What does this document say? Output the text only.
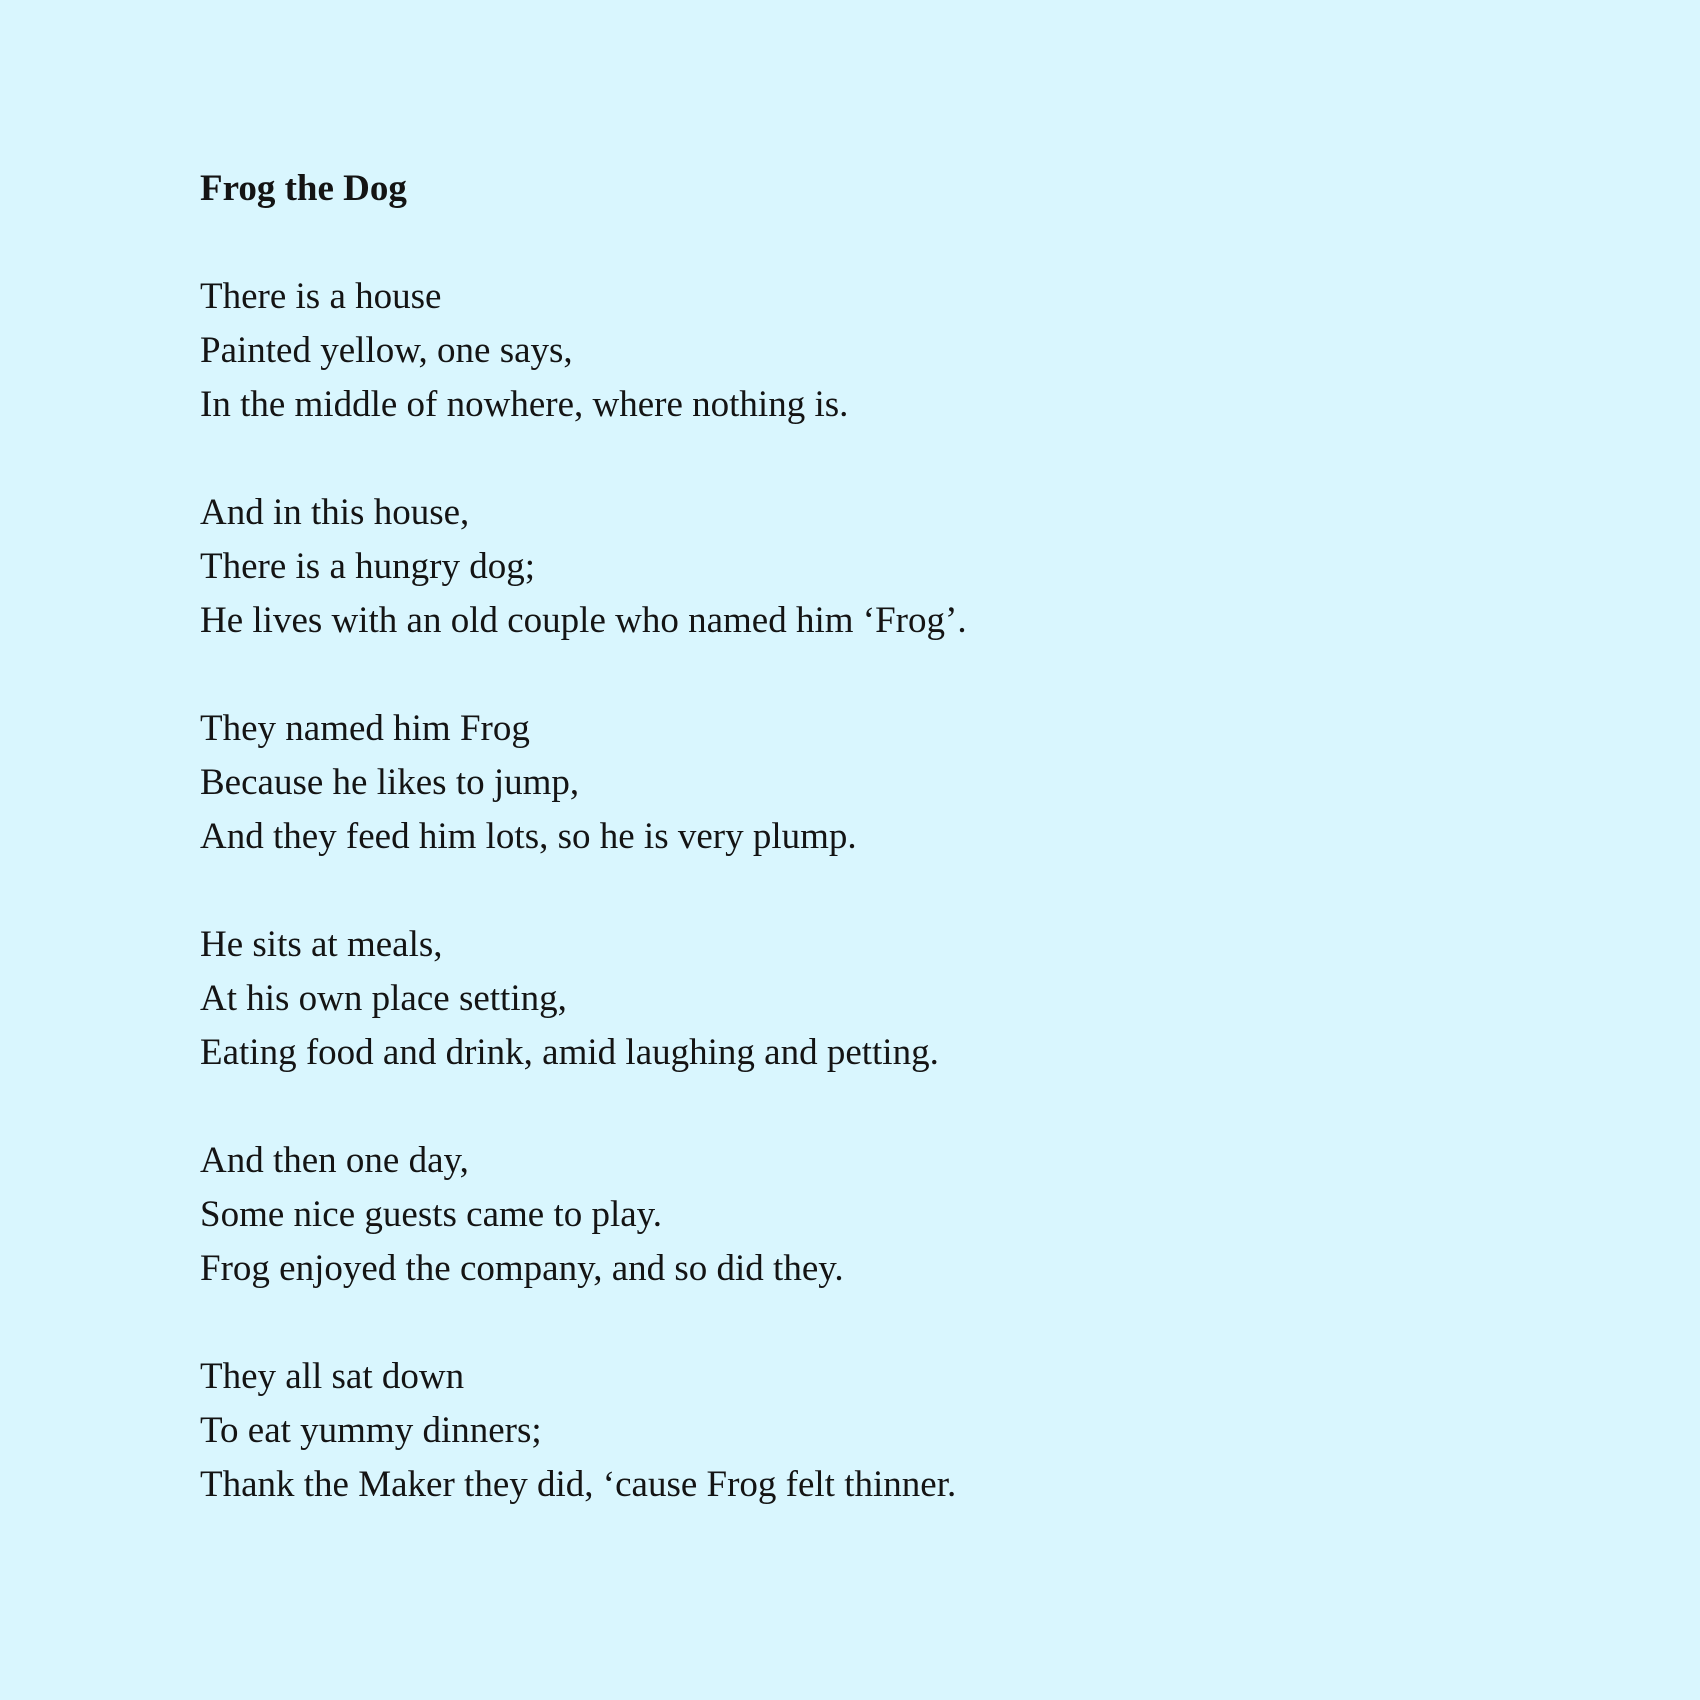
Frog the Dog
There is a house
Painted yellow, one says,
In the middle of nowhere, where nothing is.
And in this house,
There is a hungry dog;
He lives with an old couple who named him ‘Frog’.
They named him Frog
Because he likes to jump,
And they feed him lots, so he is very plump.
He sits at meals,
At his own place setting,
Eating food and drink, amid laughing and petting.
And then one day,
Some nice guests came to play.
Frog enjoyed the company, and so did they.
They all sat down
To eat yummy dinners;
Thank the Maker they did, ‘cause Frog felt thinner.
